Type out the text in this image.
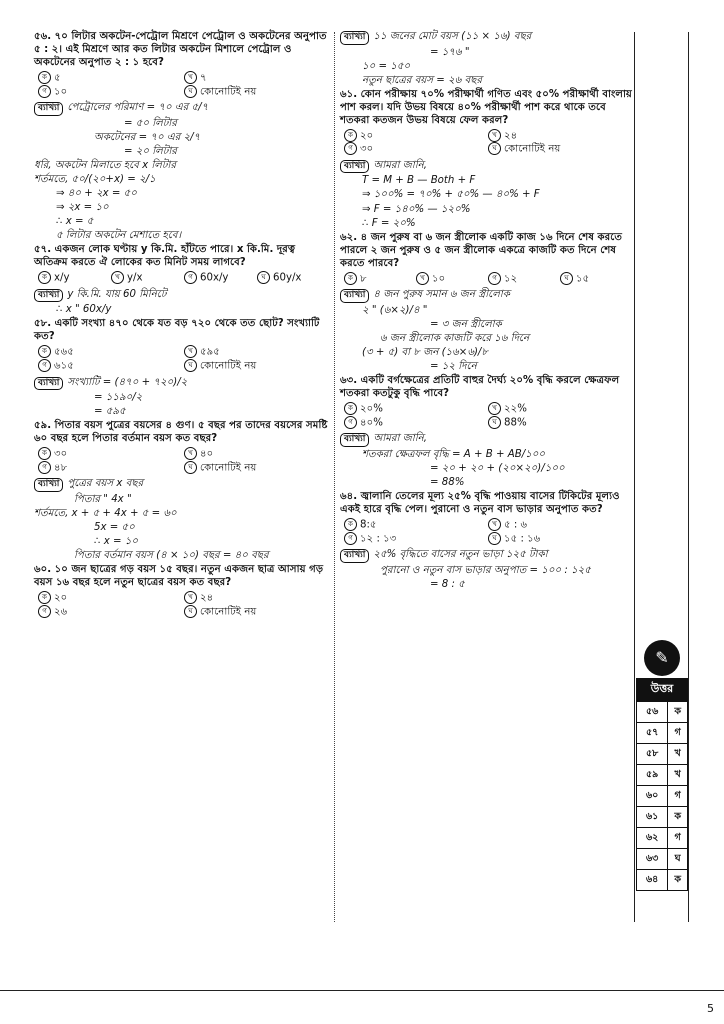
৫৬. ৭০ লিটার অকটেন-পেট্রোল মিশ্রণে পেট্রোল ও অকটেনের অনুপাত ৫ : ২। এই মিশ্রণে আর কত লিটার অকটেন মিশালে পেট্রোল ও অকটেনের অনুপাত ২ : ১ হবে?

ক ৫	খ ৭
গ ১০	ঘ কোনোটিই নয়

ব্যাখ্যা পেট্রোলের পরিমাণ = ৭০ এর ৫/৭

= ৫০ লিটার

অকটেনের = ৭০ এর ২/৭

= ২০ লিটার

ধরি, অকটেন মিলাতে হবে x লিটার

শর্তমতে, ৫০/(২০+x) = ২/১

⇒ ৪০ + ২x = ৫০

⇒ ২x = ১০

∴ x = ৫

৫ লিটার অকটেন মেশাতে হবে।

৫৭. একজন লোক ঘণ্টায় y কি.মি. হাঁটতে পারে। x কি.মি. দূরত্ব অতিক্রম করতে ঐ লোকের কত মিনিট সময় লাগবে?

ক x/y	খ y/x	গ 60x/y	ঘ 60y/x

ব্যাখ্যা y কি.মি. যায় 60 মিনিটে

∴ x " 60x/y

৫৮. একটি সংখ্যা ৪৭০ থেকে যত বড় ৭২০ থেকে তত ছোট? সংখ্যাটি কত?

ক ৫৬৫	খ ৫৯৫
গ ৬১৫	ঘ কোনোটিই নয়

ব্যাখ্যা সংখ্যাটি = (৪৭০ + ৭২০)/২

= ১১৯০/২

= ৫৯৫

৫৯. পিতার বয়স পুত্রের বয়সের ৪ গুণ। ৫ বছর পর তাদের বয়সের সমষ্টি ৬০ বছর হলে পিতার বর্তমান বয়স কত বছর?

ক ৩০	খ ৪০
গ ৪৮	ঘ কোনোটিই নয়

ব্যাখ্যা পুত্রের বয়স x বছর

পিতার " 4x "

শর্তমতে, x + ৫ + 4x + ৫ = ৬০

5x = ৫০

∴ x = ১০

পিতার বর্তমান বয়স (৪ × ১০) বছর = ৪০ বছর

৬০. ১০ জন ছাত্রের গড় বয়স ১৫ বছর। নতুন একজন ছাত্র আসায় গড় বয়স ১৬ বছর হলে নতুন ছাত্রের বয়স কত বছর?

ক ২০	খ ২৪
গ ২৬	ঘ কোনোটিই নয়

ব্যাখ্যা ১১ জনের মোট বয়স (১১ × ১৬) বছর

= ১৭৬ "

১০ = ১৫০

নতুন ছাত্রের বয়স = ২৬ বছর

৬১. কোন পরীক্ষায় ৭০% পরীক্ষার্থী গণিত এবং ৫০% পরীক্ষার্থী বাংলায় পাশ করল। যদি উভয় বিষয়ে ৪০% পরীক্ষার্থী পাশ করে থাকে তবে শতকরা কতজন উভয় বিষয়ে ফেল করল?

ক ২০	খ ২৪
গ ৩০	ঘ কোনোটিই নয়

ব্যাখ্যা আমরা জানি,

T = M + B — Both + F

⇒ ১০০% = ৭০% + ৫০% — ৪০% + F

⇒ F = ১৪০% — ১২০%

∴ F = ২০%

৬২. ৪ জন পুরুষ বা ৬ জন স্ত্রীলোক একটি কাজ ১৬ দিনে শেষ করতে পারলে ২ জন পুরুষ ও ৫ জন স্ত্রীলোক একত্রে কাজটি কত দিনে শেষ করতে পারবে?

ক ৮	খ ১০	গ ১২	ঘ ১৫

ব্যাখ্যা ৪ জন পুরুষ সমান ৬ জন স্ত্রীলোক

২ " (৬×২)/৪ "

= ৩ জন স্ত্রীলোক

৬ জন স্ত্রীলোক কাজটি করে ১৬ দিনে

(৩ + ৫) বা ৮ জন (১৬×৬)/৮

= ১২ দিনে

৬৩. একটি বর্গক্ষেত্রের প্রতিটি বাহুর দৈর্ঘ্য ২০% বৃদ্ধি করলে ক্ষেত্রফল শতকরা কতটুকু বৃদ্ধি পাবে?

ক ২০%	খ ২২%
গ ৪০%	ঘ 88%

ব্যাখ্যা আমরা জানি,

শতকরা ক্ষেত্রফল বৃদ্ধি = A + B + AB/১০০

= ২০ + ২০ + (২০×২০)/১০০

= 88%

৬৪. জ্বালানি তেলের মূল্য ২৫% বৃদ্ধি পাওয়ায় বাসের টিকিটের মূল্যও একই হারে বৃদ্ধি পেল। পুরানো ও নতুন বাস ভাড়ার অনুপাত কত?

ক 8:৫	খ ৫ : ৬
গ ১২ : ১৩	ঘ ১৫ : ১৬

ব্যাখ্যা ২৫% বৃদ্ধিতে বাসের নতুন ভাড়া ১২৫ টাকা

পুরানো ও নতুন বাস ভাড়ার অনুপাত = ১০০ : ১২৫

= 8 : ৫

✎
উত্তর
৫৬	ক
৫৭	গ
৫৮	খ
৫৯	খ
৬০	গ
৬১	ক
৬২	গ
৬৩	ঘ
৬৪	ক
5
